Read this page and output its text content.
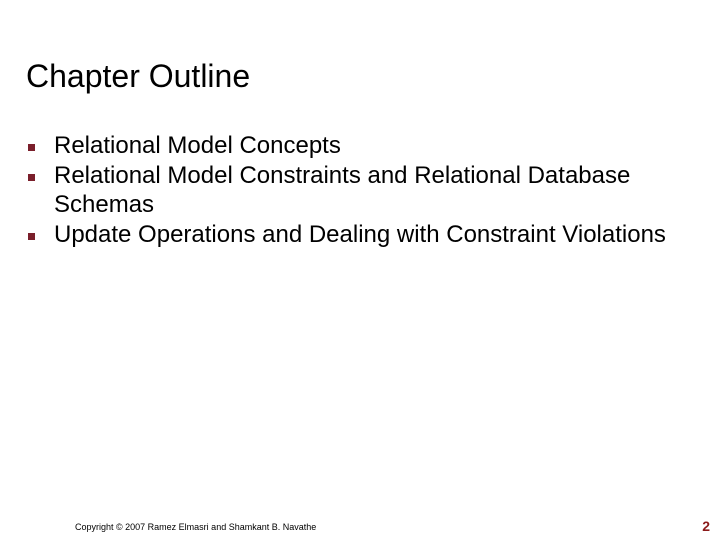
Chapter Outline
Relational Model Concepts
Relational Model Constraints and Relational Database Schemas
Update Operations and Dealing with Constraint Violations
Copyright © 2007 Ramez Elmasri and Shamkant B. Navathe	2
